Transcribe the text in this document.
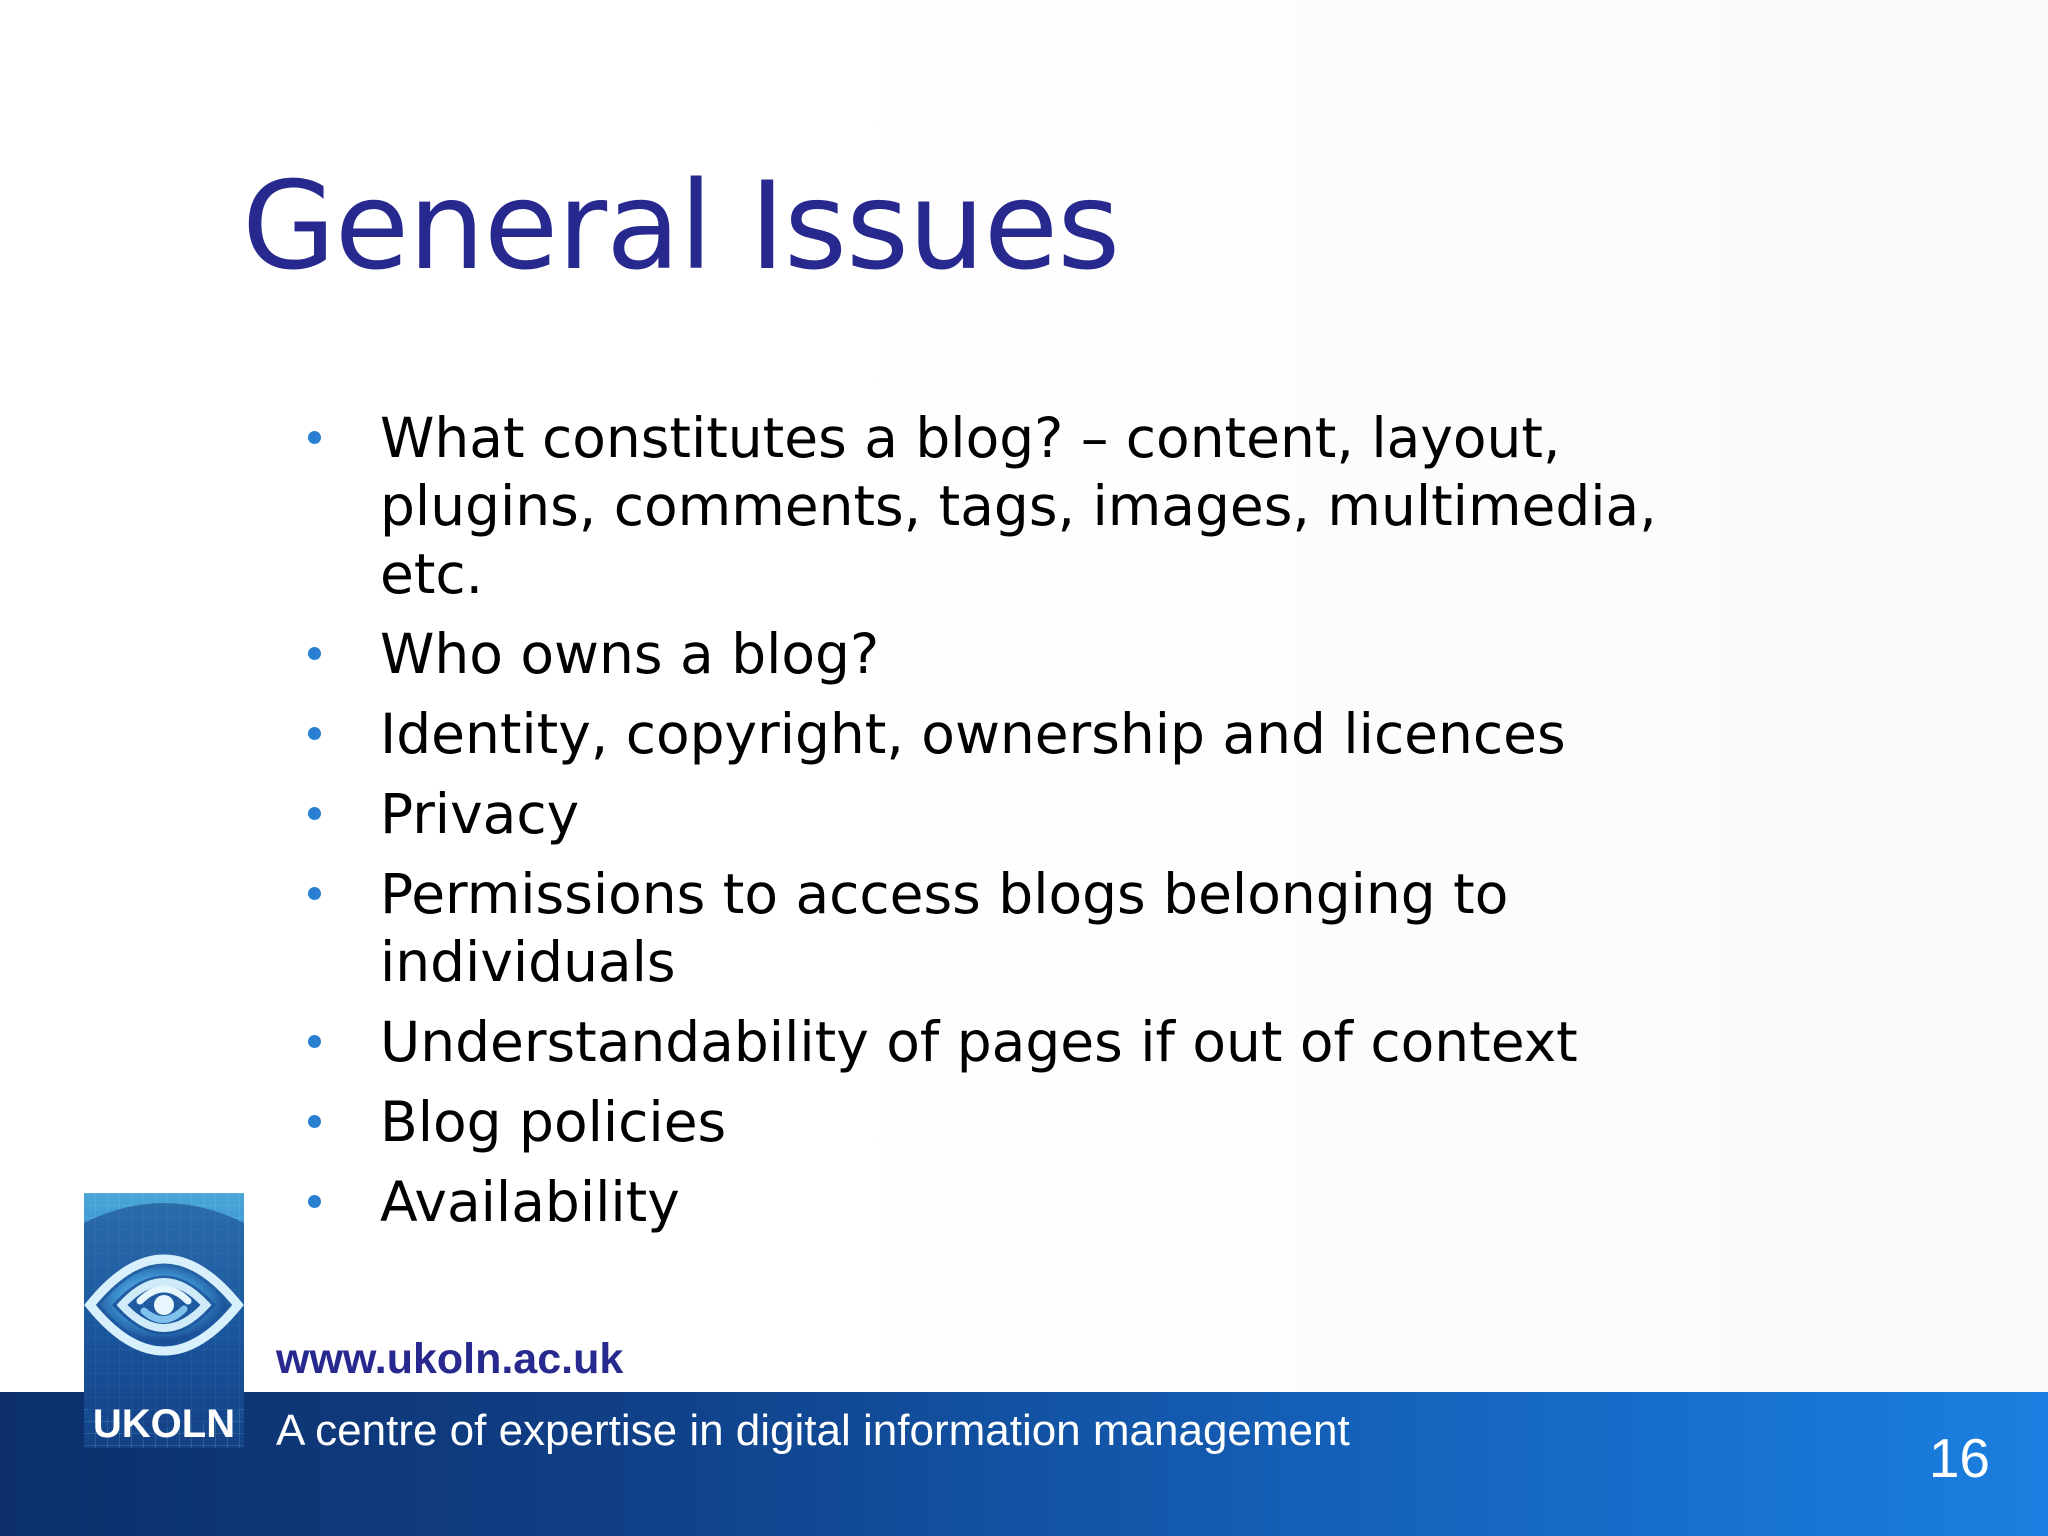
General Issues
What constitutes a blog? – content, layout, plugins, comments, tags, images, multimedia, etc.
Who owns a blog?
Identity, copyright, ownership and licences
Privacy
Permissions to access blogs belonging to individuals
Understandability of pages if out of context
Blog policies
Availability
UKOLN
www.ukoln.ac.uk
A centre of expertise in digital information management	16
